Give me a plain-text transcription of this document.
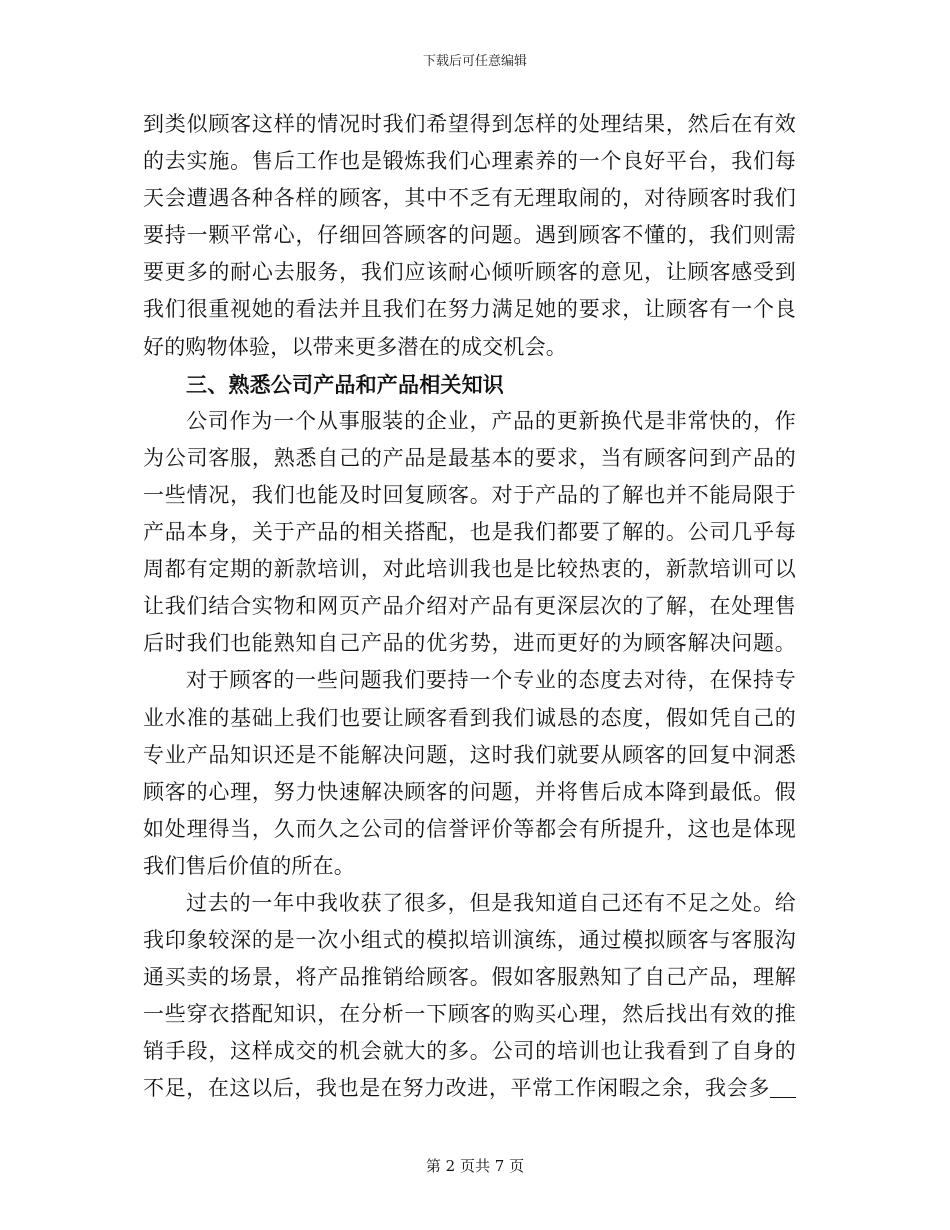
下载后可任意编辑
到类似顾客这样的情况时我们希望得到怎样的处理结果，然后在有效
的去实施。售后工作也是锻炼我们心理素养的一个良好平台，我们每
天会遭遇各种各样的顾客，其中不乏有无理取闹的，对待顾客时我们
要持一颗平常心，仔细回答顾客的问题。遇到顾客不懂的，我们则需
要更多的耐心去服务，我们应该耐心倾听顾客的意见，让顾客感受到
我们很重视她的看法并且我们在努力满足她的要求，让顾客有一个良
好的购物体验，以带来更多潜在的成交机会。
三、熟悉公司产品和产品相关知识
公司作为一个从事服装的企业，产品的更新换代是非常快的，作
为公司客服，熟悉自己的产品是最基本的要求，当有顾客问到产品的
一些情况，我们也能及时回复顾客。对于产品的了解也并不能局限于
产品本身，关于产品的相关搭配，也是我们都要了解的。公司几乎每
周都有定期的新款培训，对此培训我也是比较热衷的，新款培训可以
让我们结合实物和网页产品介绍对产品有更深层次的了解，在处理售
后时我们也能熟知自己产品的优劣势，进而更好的为顾客解决问题。
对于顾客的一些问题我们要持一个专业的态度去对待，在保持专
业水准的基础上我们也要让顾客看到我们诚恳的态度，假如凭自己的
专业产品知识还是不能解决问题，这时我们就要从顾客的回复中洞悉
顾客的心理，努力快速解决顾客的问题，并将售后成本降到最低。假
如处理得当，久而久之公司的信誉评价等都会有所提升，这也是体现
我们售后价值的所在。
过去的一年中我收获了很多，但是我知道自己还有不足之处。给
我印象较深的是一次小组式的模拟培训演练，通过模拟顾客与客服沟
通买卖的场景，将产品推销给顾客。假如客服熟知了自己产品，理解
一些穿衣搭配知识，在分析一下顾客的购买心理，然后找出有效的推
销手段，这样成交的机会就大的多。公司的培训也让我看到了自身的
不足，在这以后，我也是在努力改进，平常工作闲暇之余，我会多
第 2 页共 7 页
